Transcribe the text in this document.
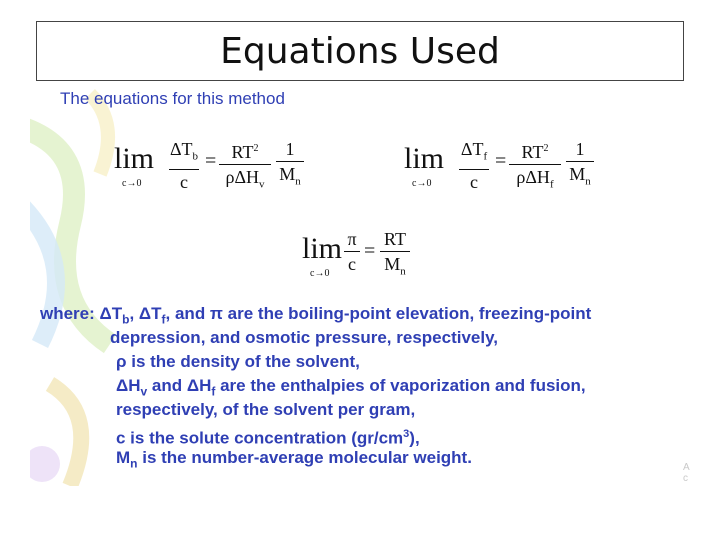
Equations Used
The equations for this method
lim
c→0
$\Delta T_b$
c
= $RT^2$
ρΔH$_v$
1
$M_n$
lim
c→0
$\Delta T_f$
c
= $RT^2$
ρΔH$_f$
1
$M_n$
lim
c→0
π
c
=
RT
$M_n$
where: $\Delta T_b$, $\Delta T_f$, and π are the boiling-point elevation, freezing-point
depression, and osmotic pressure, respectively,
ρ is the density of the solvent,
$\Delta H_v$ and $\Delta H_f$ are the enthalpies of vaporization and fusion,
respectively, of the solvent per gram,
c is the solute concentration $(gr/cm^3)$,
$M_n$ is the number-average molecular weight.
A
c
